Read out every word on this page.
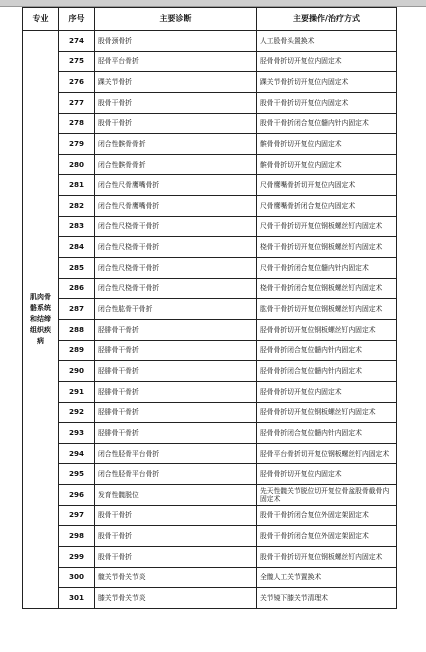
专业	序号	主要诊断	主要操作/治疗方式
肌肉骨骼系统和结缔组织疾病	274	股骨颈骨折	人工股骨头置换术
	275	胫骨平台骨折	胫骨骨折切开复位内固定术
	276	踝关节骨折	踝关节骨折切开复位内固定术
	277	股骨干骨折	股骨干骨折切开复位内固定术
	278	股骨干骨折	股骨干骨折闭合复位髓内针内固定术
	279	闭合性髌骨骨折	髌骨骨折切开复位内固定术
	280	闭合性髌骨骨折	髌骨骨折切开复位内固定术
	281	闭合性尺骨鹰嘴骨折	尺骨鹰嘴骨折切开复位内固定术
	282	闭合性尺骨鹰嘴骨折	尺骨鹰嘴骨折闭合复位内固定术
	283	闭合性尺桡骨干骨折	尺骨干骨折切开复位钢板螺丝钉内固定术
	284	闭合性尺桡骨干骨折	桡骨干骨折切开复位钢板螺丝钉内固定术
	285	闭合性尺桡骨干骨折	尺骨干骨折闭合复位髓内针内固定术
	286	闭合性尺桡骨干骨折	桡骨干骨折闭合复位钢板螺丝钉内固定术
	287	闭合性肱骨干骨折	肱骨干骨折切开复位钢板螺丝钉内固定术
	288	胫腓骨干骨折	胫骨骨折切开复位钢板螺丝钉内固定术
	289	胫腓骨干骨折	胫骨骨折闭合复位髓内针内固定术
	290	胫腓骨干骨折	胫骨骨折闭合复位髓内针内固定术
	291	胫腓骨干骨折	胫骨骨折切开复位内固定术
	292	胫腓骨干骨折	胫骨骨折切开复位钢板螺丝钉内固定术
	293	胫腓骨干骨折	胫骨骨折闭合复位髓内针内固定术
	294	闭合性胫骨平台骨折	胫骨平台骨折切开复位钢板螺丝钉内固定术
	295	闭合性胫骨平台骨折	胫骨骨折切开复位内固定术
	296	发育性髋脱位	先天性髋关节脱位切开复位骨盆股骨截骨内固定术
	297	股骨干骨折	股骨干骨折闭合复位外固定架固定术
	298	股骨干骨折	股骨干骨折闭合复位外固定架固定术
	299	股骨干骨折	股骨干骨折切开复位钢板螺丝钉内固定术
	300	髋关节骨关节炎	全髋人工关节置换术
	301	膝关节骨关节炎	关节镜下膝关节清理术
